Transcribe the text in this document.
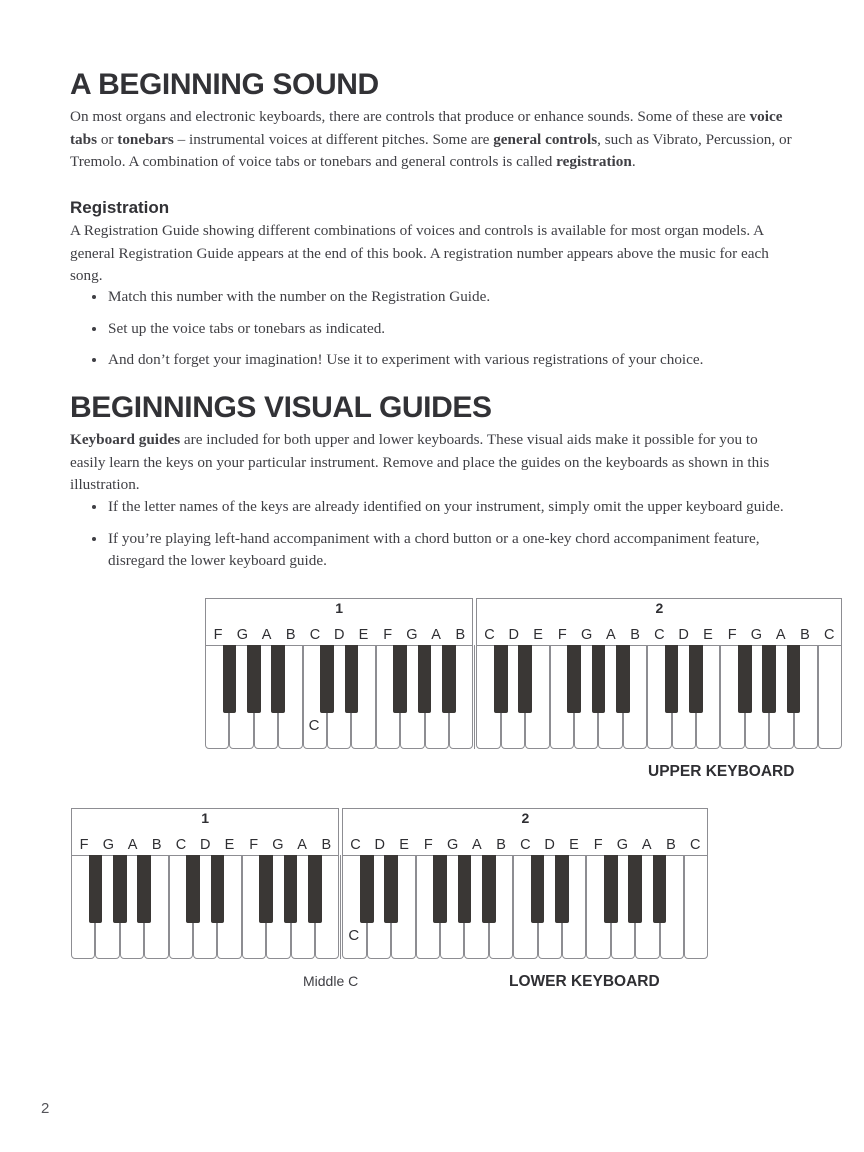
A BEGINNING SOUND
On most organs and electronic keyboards, there are controls that produce or enhance sounds. Some of these are voice tabs or tonebars – instrumental voices at different pitches. Some are general controls, such as Vibrato, Percussion, or Tremolo. A combination of voice tabs or tonebars and general controls is called registration.
Registration
A Registration Guide showing different combinations of voices and controls is available for most organ models. A general Registration Guide appears at the end of this book. A registration number appears above the music for each song.
Match this number with the number on the Registration Guide.
Set up the voice tabs or tonebars as indicated.
And don’t forget your imagination! Use it to experiment with various registrations of your choice.
BEGINNINGS VISUAL GUIDES
Keyboard guides are included for both upper and lower keyboards. These visual aids make it possible for you to easily learn the keys on your particular instrument. Remove and place the guides on the keyboards as shown in this illustration.
If the letter names of the keys are already identified on your instrument, simply omit the upper keyboard guide.
If you’re playing left-hand accompaniment with a chord button or a one-key chord accompaniment feature, disregard the lower keyboard guide.
1
F G A	B C D E	F G A	B
2
C D E	F G A	B C D E	F G A	B C
C
UPPER KEYBOARD
1
F G A	B C D E	F G A	B
2
C D E	F G A	B C D E	F G A	B C
C
Middle C	LOWER KEYBOARD
2
